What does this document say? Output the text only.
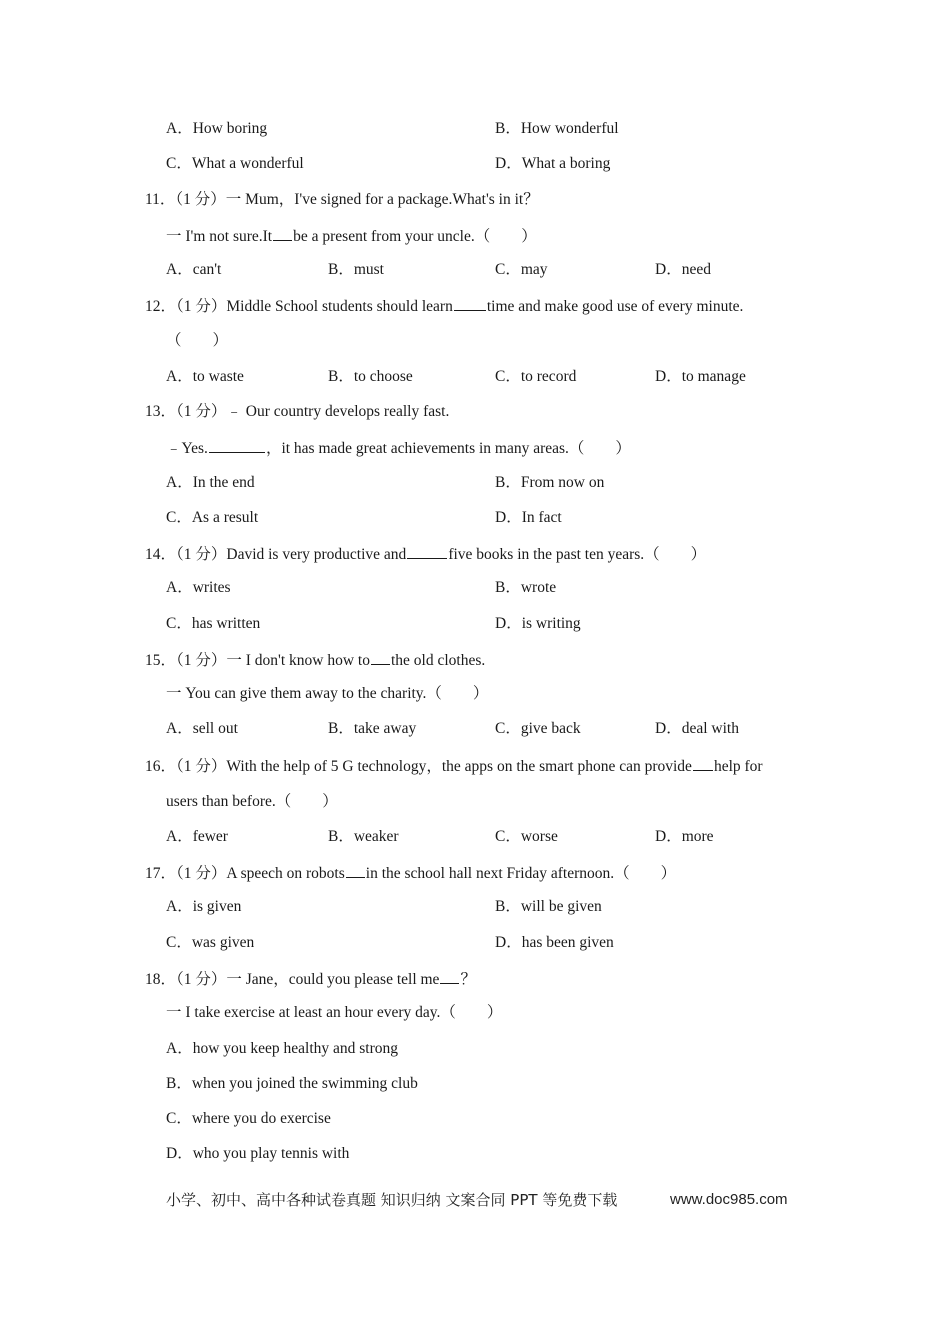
A．How boring	B．How wonderful
C．What a wonderful	D．What a boring
11．（1 分）一 Mum，I've signed for a package.What's in it？
一 I'm not sure.It be a present from your uncle.（　　）
A．can't	B．must	C．may	D．need
12．（1 分）Middle School students should learn time and make good use of every minute.
（　　）
A．to waste	B．to choose	C．to record	D．to manage
13．（1 分）﹣ Our country develops really fast.
﹣Yes.	，it has made great achievements in many areas.（　　）
A．In the end	B．From now on
C．As a result	D．In fact
14．（1 分）David is very productive and	five books in the past ten years.（　　）
A．writes	B．wrote
C．has written	D．is writing
15．（1 分）一 I don't know how to the old clothes.
一 You can give them away to the charity.（　　）
A．sell out	B．take away	C．give back	D．deal with
16．（1 分）With the help of 5 G technology，the apps on the smart phone can provide help for
users than before.（　　）
A．fewer	B．weaker	C．worse	D．more
17．（1 分）A speech on robots in the school hall next Friday afternoon.（　　）
A．is given	B．will be given
C．was given	D．has been given
18．（1 分）一 Jane，could you please tell me ？
一 I take exercise at least an hour every day.（　　）
A．how you keep healthy and strong
B．when you joined the swimming club
C．where you do exercise
D．who you play tennis with
小学、初中、高中各种试卷真题 知识归纳 文案合同 PPT 等免费下载	www.doc985.com
